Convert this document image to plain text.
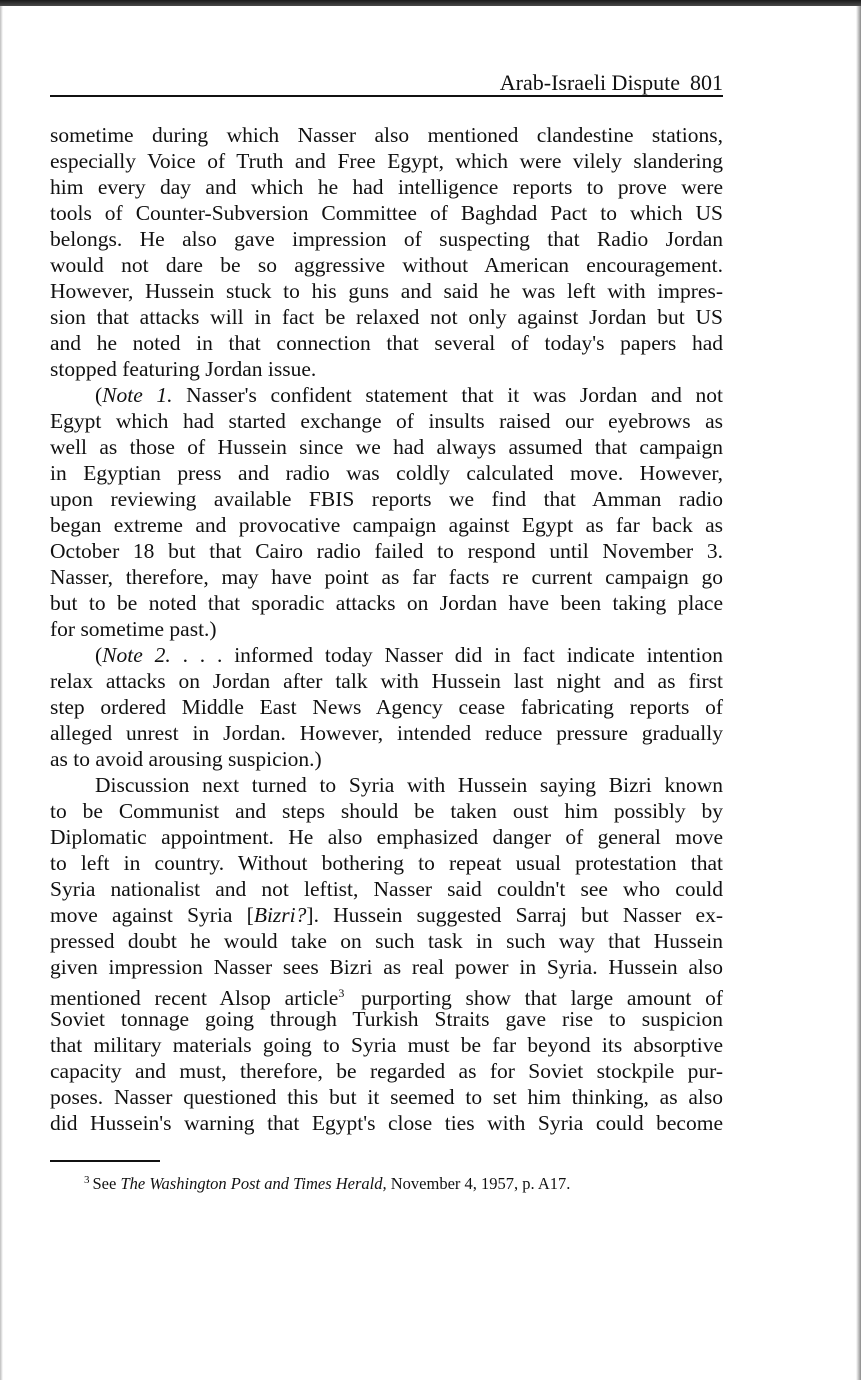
Arab-Israeli Dispute 801
sometime during which Nasser also mentioned clandestine stations,
especially Voice of Truth and Free Egypt, which were vilely slandering
him every day and which he had intelligence reports to prove were
tools of Counter-Subversion Committee of Baghdad Pact to which US
belongs. He also gave impression of suspecting that Radio Jordan
would not dare be so aggressive without American encouragement.
However, Hussein stuck to his guns and said he was left with impres-
sion that attacks will in fact be relaxed not only against Jordan but US
and he noted in that connection that several of today's papers had
stopped featuring Jordan issue.
(Note 1. Nasser's confident statement that it was Jordan and not
Egypt which had started exchange of insults raised our eyebrows as
well as those of Hussein since we had always assumed that campaign
in Egyptian press and radio was coldly calculated move. However,
upon reviewing available FBIS reports we find that Amman radio
began extreme and provocative campaign against Egypt as far back as
October 18 but that Cairo radio failed to respond until November 3.
Nasser, therefore, may have point as far facts re current campaign go
but to be noted that sporadic attacks on Jordan have been taking place
for sometime past.)
(Note 2. . . . informed today Nasser did in fact indicate intention
relax attacks on Jordan after talk with Hussein last night and as first
step ordered Middle East News Agency cease fabricating reports of
alleged unrest in Jordan. However, intended reduce pressure gradually
as to avoid arousing suspicion.)
Discussion next turned to Syria with Hussein saying Bizri known
to be Communist and steps should be taken oust him possibly by
Diplomatic appointment. He also emphasized danger of general move
to left in country. Without bothering to repeat usual protestation that
Syria nationalist and not leftist, Nasser said couldn't see who could
move against Syria [Bizri?]. Hussein suggested Sarraj but Nasser ex-
pressed doubt he would take on such task in such way that Hussein
given impression Nasser sees Bizri as real power in Syria. Hussein also
mentioned recent Alsop article$^3$ purporting show that large amount of
Soviet tonnage going through Turkish Straits gave rise to suspicion
that military materials going to Syria must be far beyond its absorptive
capacity and must, therefore, be regarded as for Soviet stockpile pur-
poses. Nasser questioned this but it seemed to set him thinking, as also
did Hussein's warning that Egypt's close ties with Syria could become
$^3$ See The Washington Post and Times Herald, November 4, 1957, p. A17.
